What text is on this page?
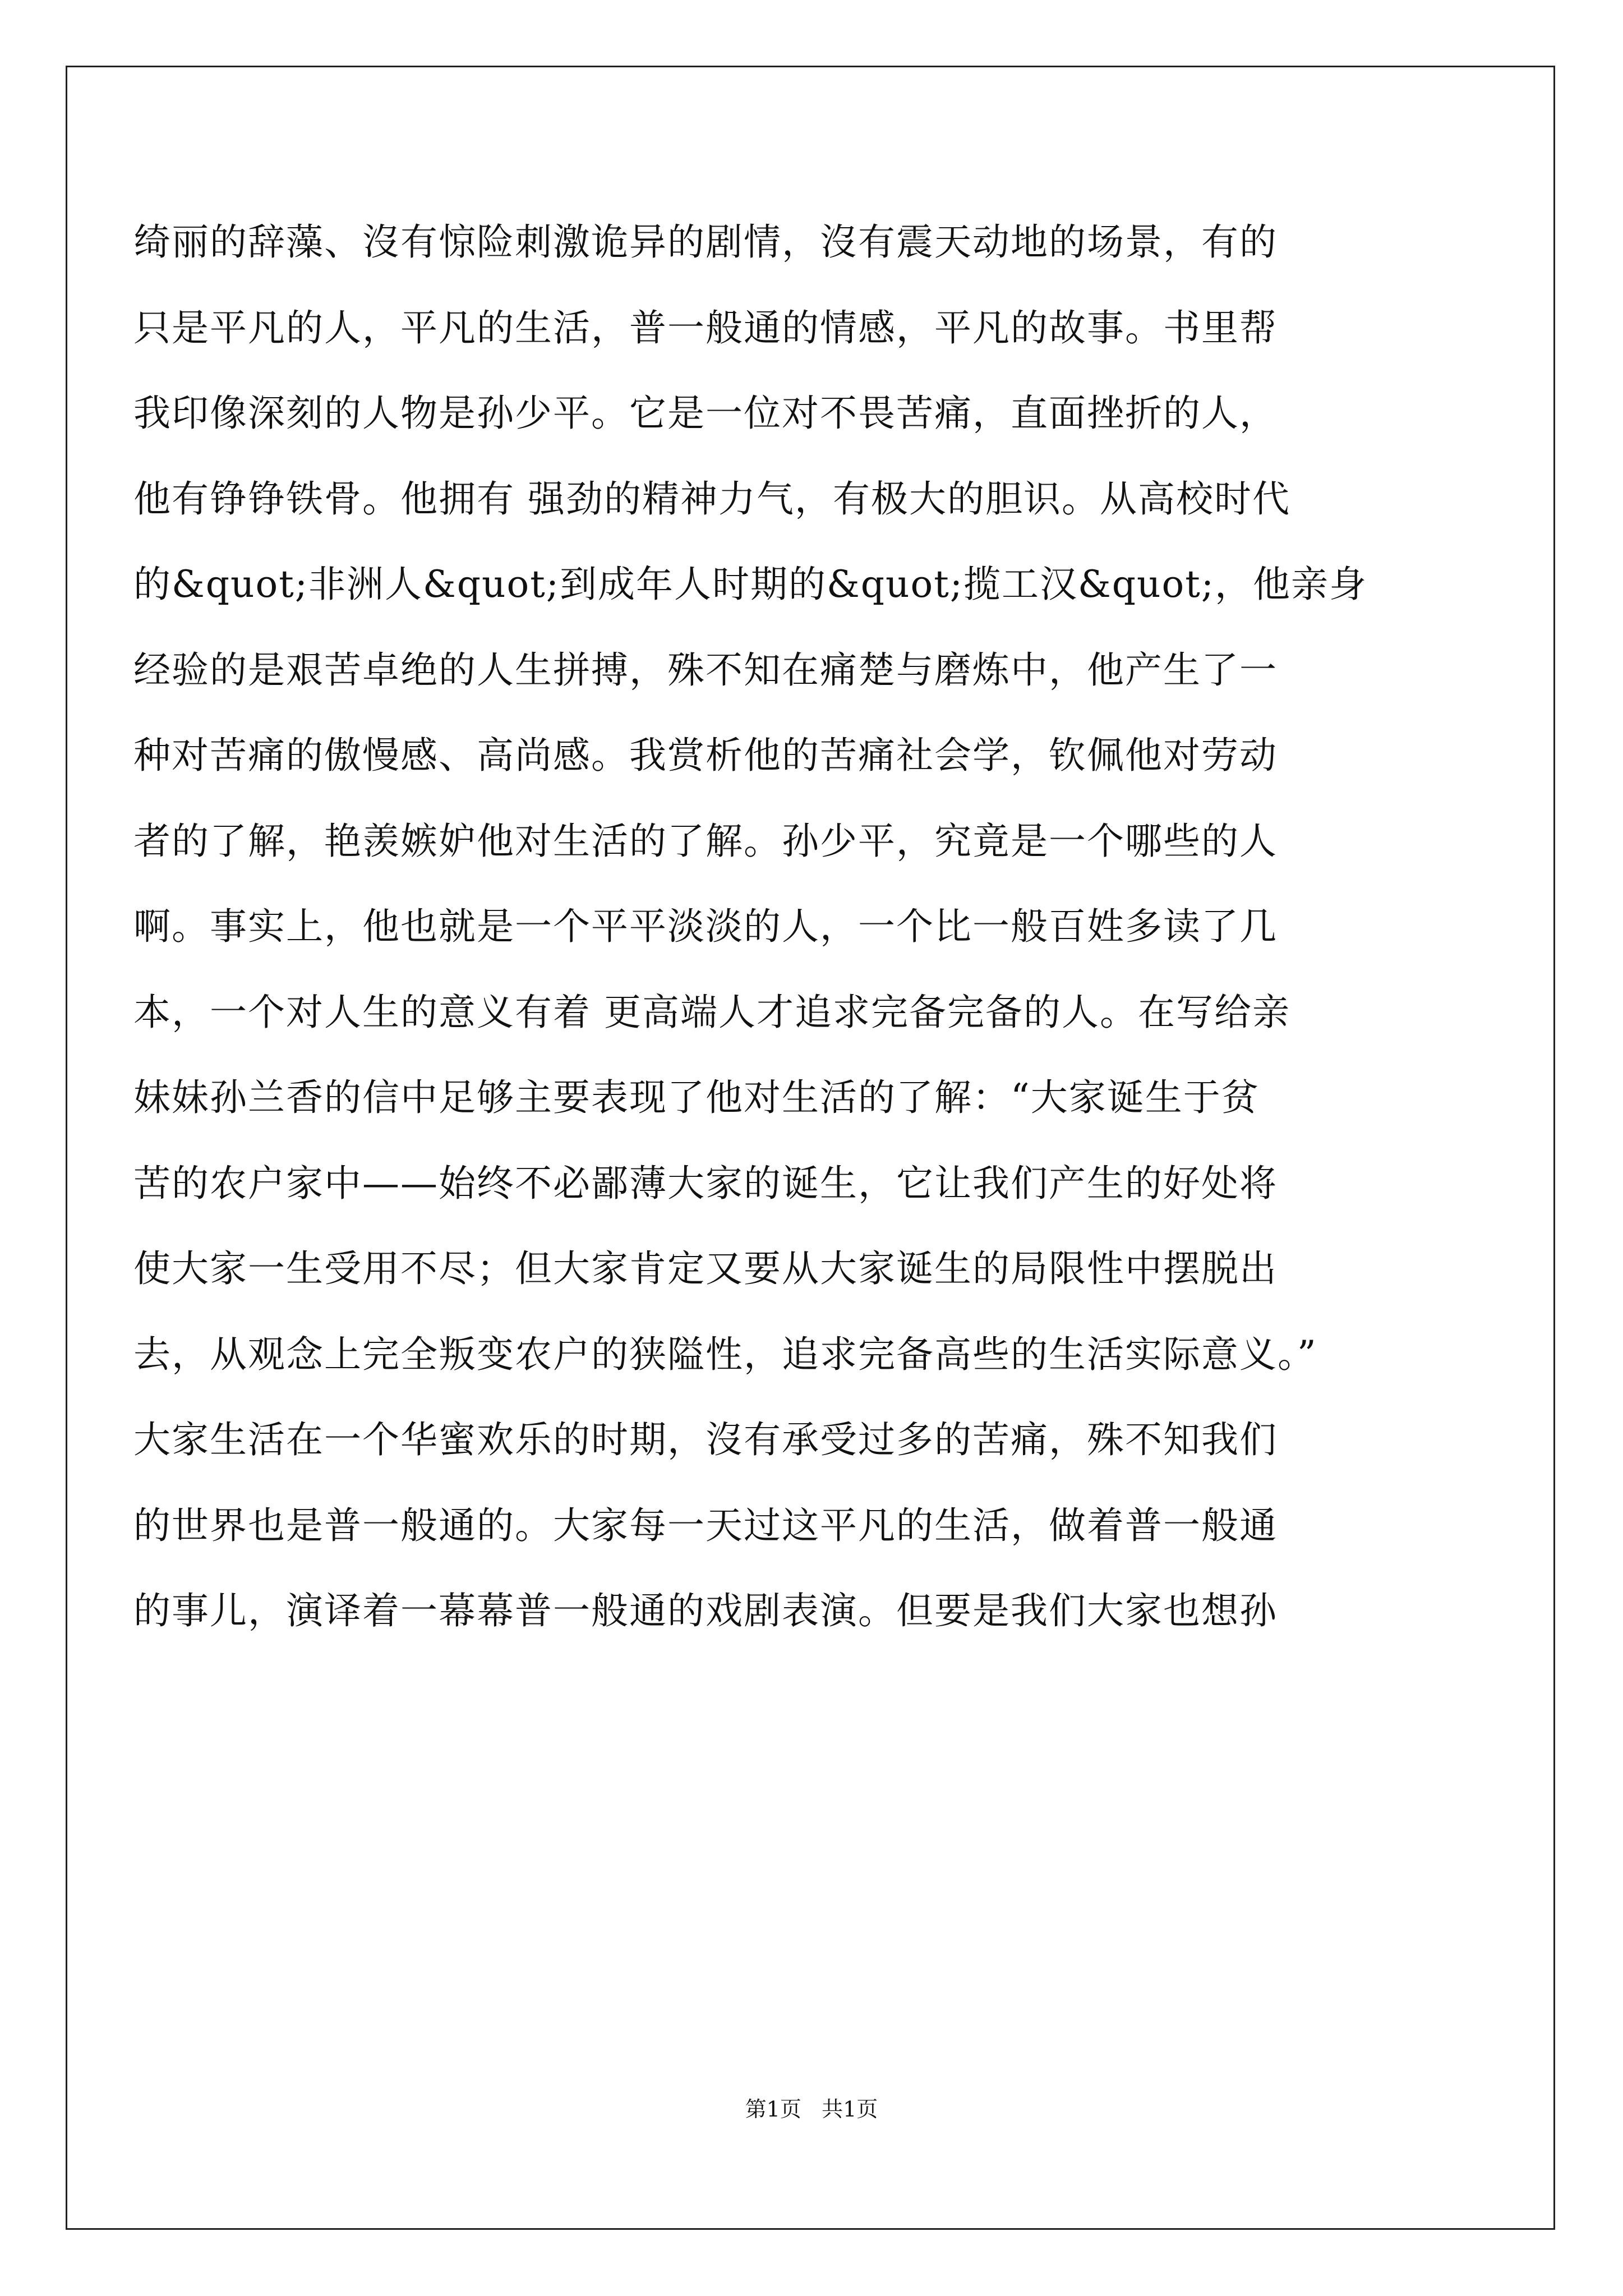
绮丽的辞藻、沒有惊险刺激诡异的剧情，沒有震天动地的场景，有的
只是平凡的人，平凡的生活，普一般通的情感，平凡的故事。书里帮
我印像深刻的人物是孙少平。它是一位对不畏苦痛，直面挫折的人，
他有铮铮铁骨。他拥有 强劲的精神力气，有极大的胆识。从高校时代
的&quot;非洲人&quot;到成年人时期的&quot;揽工汉&quot;，他亲身
经验的是艰苦卓绝的人生拼搏，殊不知在痛楚与磨炼中，他产生了一
种对苦痛的傲慢感、高尚感。我赏析他的苦痛社会学，钦佩他对劳动
者的了解，艳羡嫉妒他对生活的了解。孙少平，究竟是一个哪些的人
啊。事实上，他也就是一个平平淡淡的人，一个比一般百姓多读了几
本，一个对人生的意义有着 更高端人才追求完备完备的人。在写给亲
妹妹孙兰香的信中足够主要表现了他对生活的了解：“大家诞生于贫
苦的农户家中——始终不必鄙薄大家的诞生，它让我们产生的好处将
使大家一生受用不尽；但大家肯定又要从大家诞生的局限性中摆脱出
去，从观念上完全叛变农户的狭隘性，追求完备高些的生活实际意义。”
大家生活在一个华蜜欢乐的时期，沒有承受过多的苦痛，殊不知我们
的世界也是普一般通的。大家每一天过这平凡的生活，做着普一般通
的事儿，演译着一幕幕普一般通的戏剧表演。但要是我们大家也想孙
第1页 共1页
